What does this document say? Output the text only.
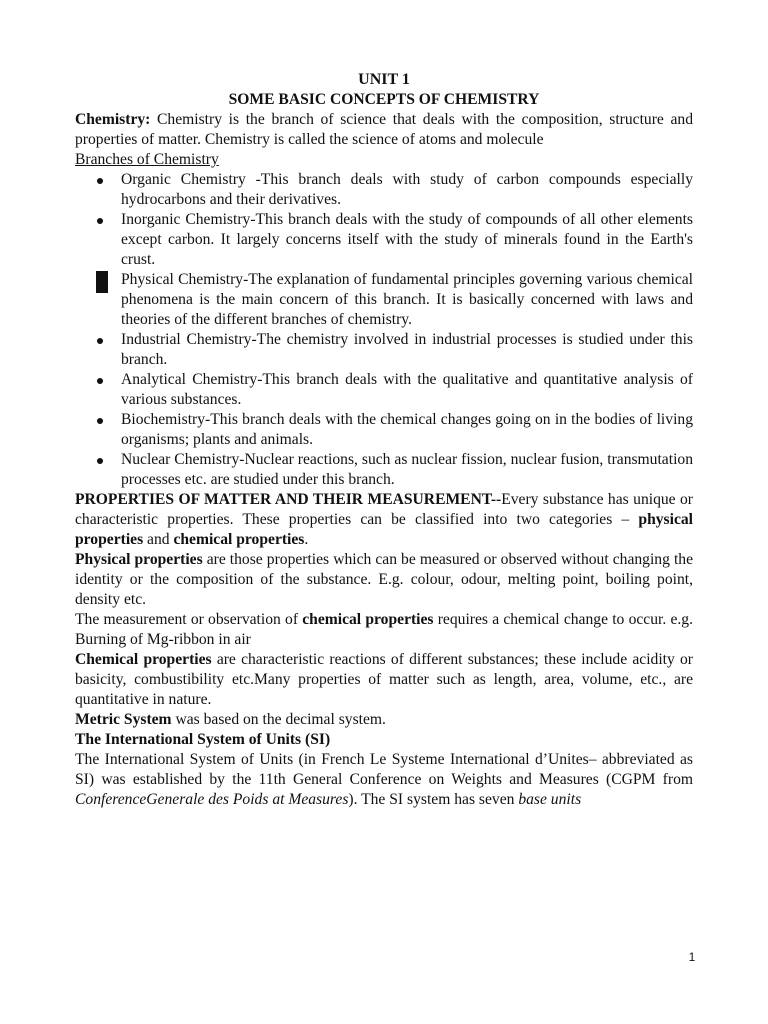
UNIT 1
SOME BASIC CONCEPTS OF CHEMISTRY

Chemistry: Chemistry is the branch of science that deals with the composition, structure and properties of matter. Chemistry is called the science of atoms and molecule

Branches of Chemistry
Organic Chemistry -This branch deals with study of carbon compounds especially hydrocarbons and their derivatives.
Inorganic Chemistry-This branch deals with the study of compounds of all other elements except carbon. It largely concerns itself with the study of minerals found in the Earth's crust.
Physical Chemistry-The explanation of fundamental principles governing various chemical phenomena is the main concern of this branch. It is basically concerned with laws and theories of the different branches of chemistry.
Industrial Chemistry-The chemistry involved in industrial processes is studied under this branch.
Analytical Chemistry-This branch deals with the qualitative and quantitative analysis of various substances.
Biochemistry-This branch deals with the chemical changes going on in the bodies of living organisms; plants and animals.
Nuclear Chemistry-Nuclear reactions, such as nuclear fission, nuclear fusion, transmutation processes etc. are studied under this branch.

PROPERTIES OF MATTER AND THEIR MEASUREMENT--Every substance has unique or characteristic properties. These properties can be classified into two categories – physical properties and chemical properties.

Physical properties are those properties which can be measured or observed without changing the identity or the composition of the substance. E.g. colour, odour, melting point, boiling point, density etc.

The measurement or observation of chemical properties requires a chemical change to occur. e.g. Burning of Mg-ribbon in air

Chemical properties are characteristic reactions of different substances; these include acidity or basicity, combustibility etc.Many properties of matter such as length, area, volume, etc., are quantitative in nature.

Metric System was based on the decimal system.

The International System of Units (SI)

The International System of Units (in French Le Systeme International d’Unites– abbreviated as SI) was established by the 11th General Conference on Weights and Measures (CGPM from ConferenceGenerale des Poids at Measures). The SI system has seven base units

1
